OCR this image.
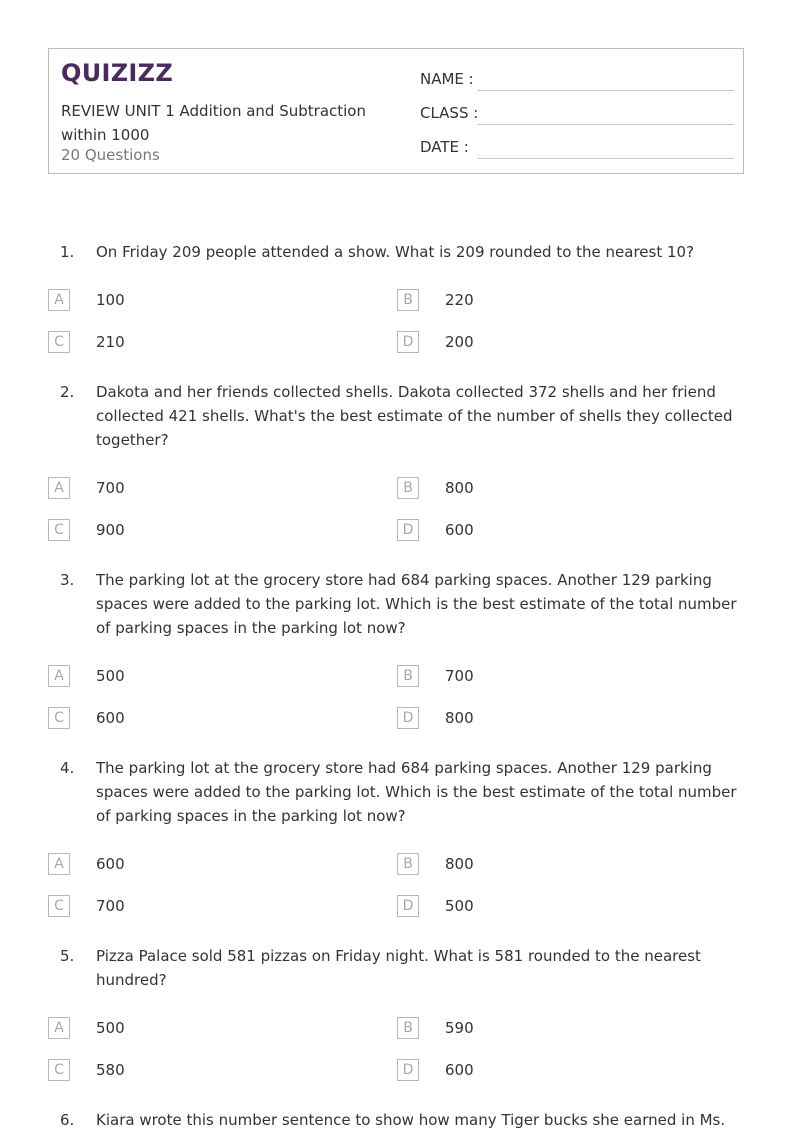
QUIZIZZ
REVIEW UNIT 1 Addition and Subtraction within 1000
20 Questions
NAME :
CLASS :
DATE :
1. On Friday 209 people attended a show. What is 209 rounded to the nearest 10?
A	100	B	220
C	210	D	200
2. Dakota and her friends collected shells. Dakota collected 372 shells and her friend collected 421 shells. What's the best estimate of the number of shells they collected together?
A	700	B	800
C	900	D	600
3. The parking lot at the grocery store had 684 parking spaces. Another 129 parking spaces were added to the parking lot. Which is the best estimate of the total number of parking spaces in the parking lot now?
A	500	B	700
C	600	D	800
4. The parking lot at the grocery store had 684 parking spaces. Another 129 parking spaces were added to the parking lot. Which is the best estimate of the total number of parking spaces in the parking lot now?
A	600	B	800
C	700	D	500
5. Pizza Palace sold 581 pizzas on Friday night. What is 581 rounded to the nearest hundred?
A	500	B	590
C	580	D	600
6. Kiara wrote this number sentence to show how many Tiger bucks she earned in Ms.
